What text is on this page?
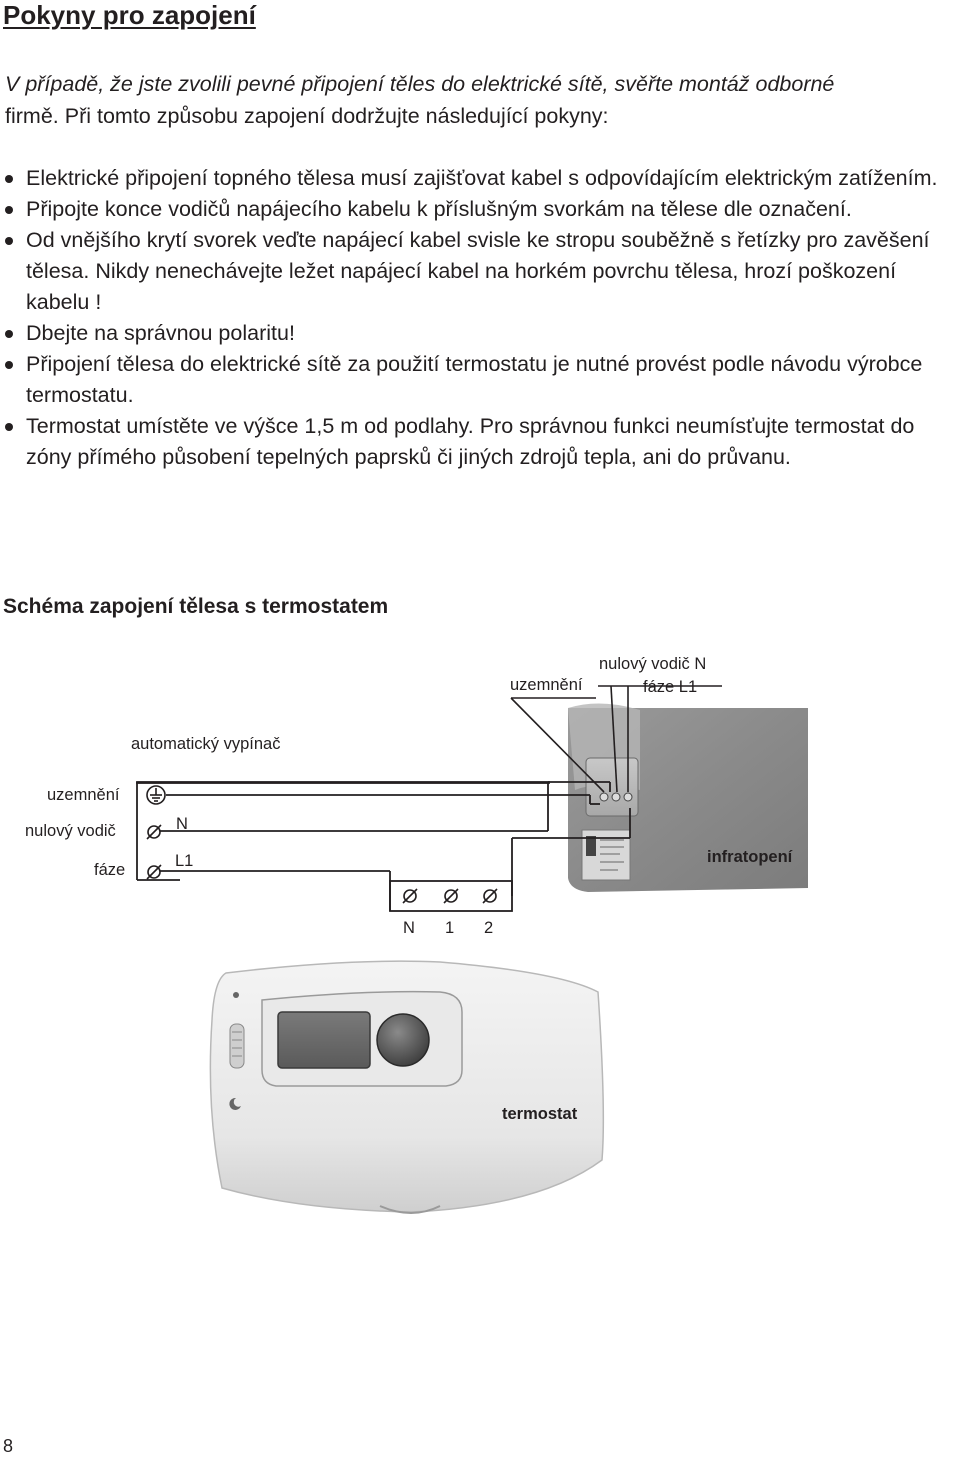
Pokyny pro zapojení

V případě, že jste zvolili pevné připojení těles do elektrické sítě, svěřte montáž odborné
firmě. Při tomto způsobu zapojení dodržujte následující pokyny:

Elektrické připojení topného tělesa musí zajišťovat kabel s odpovídajícím elektrickým zatížením.
Připojte konce vodičů napájecího kabelu k příslušným svorkám na tělese dle označení.
Od vnějšího krytí svorek veďte napájecí kabel svisle ke stropu souběžně s řetízky pro zavěšení tělesa. Nikdy nenechávejte ležet napájecí kabel na horkém povrchu tělesa, hrozí poškození kabelu !
Dbejte na správnou polaritu!
Připojení tělesa do elektrické sítě za použití termostatu je nutné provést podle návodu výrobce termostatu.
Termostat umístěte ve výšce 1,5 m od podlahy. Pro správnou funkci neumísťujte termostat do zóny přímého působení tepelných paprsků či jiných zdrojů tepla, ani do průvanu.
Schéma zapojení tělesa s termostatem
uzemnění
nulový vodič N
fáze L1
infratopení
automatický vypínač
uzemnění
nulový vodič
fáze
N
L1
N 1 2
termostat
8
